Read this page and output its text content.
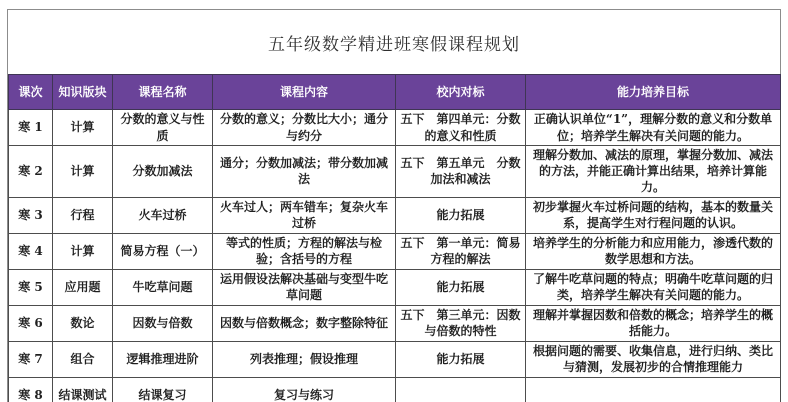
五年级数学精进班寒假课程规划
课次	知识版块	课程名称	课程内容	校内对标	能力培养目标
寒 1	计算	分数的意义与性质	分数的意义；分数比大小；通分与约分	五下　第四单元：分数的意义和性质	正确认识单位“1”，理解分数的意义和分数单位；培养学生解决有关问题的能力。
寒 2	计算	分数加减法	通分；分数加减法；带分数加减法	五下　第五单元　分数加法和减法	理解分数加、减法的原理，掌握分数加、减法的方法，并能正确计算出结果，培养计算能力。
寒 3	行程	火车过桥	火车过人；两车错车；复杂火车过桥	能力拓展	初步掌握火车过桥问题的结构，基本的数量关系，提高学生对行程问题的认识。
寒 4	计算	简易方程（一）	等式的性质；方程的解法与检验；含括号的方程	五下　第一单元：简易方程的解法	培养学生的分析能力和应用能力，渗透代数的数学思想和方法。
寒 5	应用题	牛吃草问题	运用假设法解决基础与变型牛吃草问题	能力拓展	了解牛吃草问题的特点；明确牛吃草问题的归类，培养学生解决有关问题的能力。
寒 6	数论	因数与倍数	因数与倍数概念；数字整除特征	五下　第三单元：因数与倍数的特性	理解并掌握因数和倍数的概念；培养学生的概括能力。
寒 7	组合	逻辑推理进阶	列表推理；假设推理	能力拓展	根据问题的需要、收集信息，进行归纳、类比与猜测，发展初步的合情推理能力
寒 8	结课测试	结课复习	复习与练习		
